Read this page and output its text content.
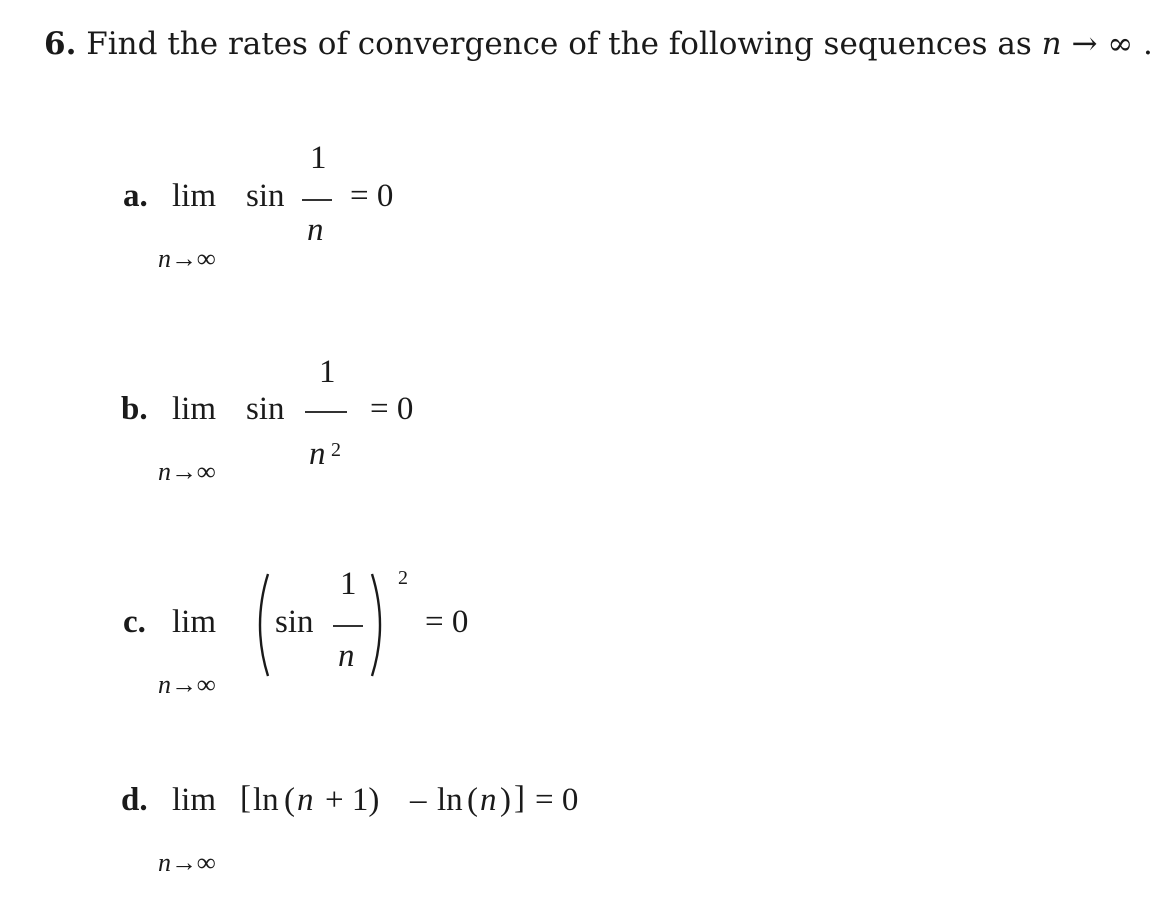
6. Find the rates of convergence of the following sequences as n → ∞ .
a. lim sin
1
n
= 0
n→∞
b. lim sin
1
n 2
= 0
n→∞
c. lim sin
1
n
2
= 0
n→∞
d. lim [ ln ( n + 1) – ln ( n ) ] = 0
n→∞
